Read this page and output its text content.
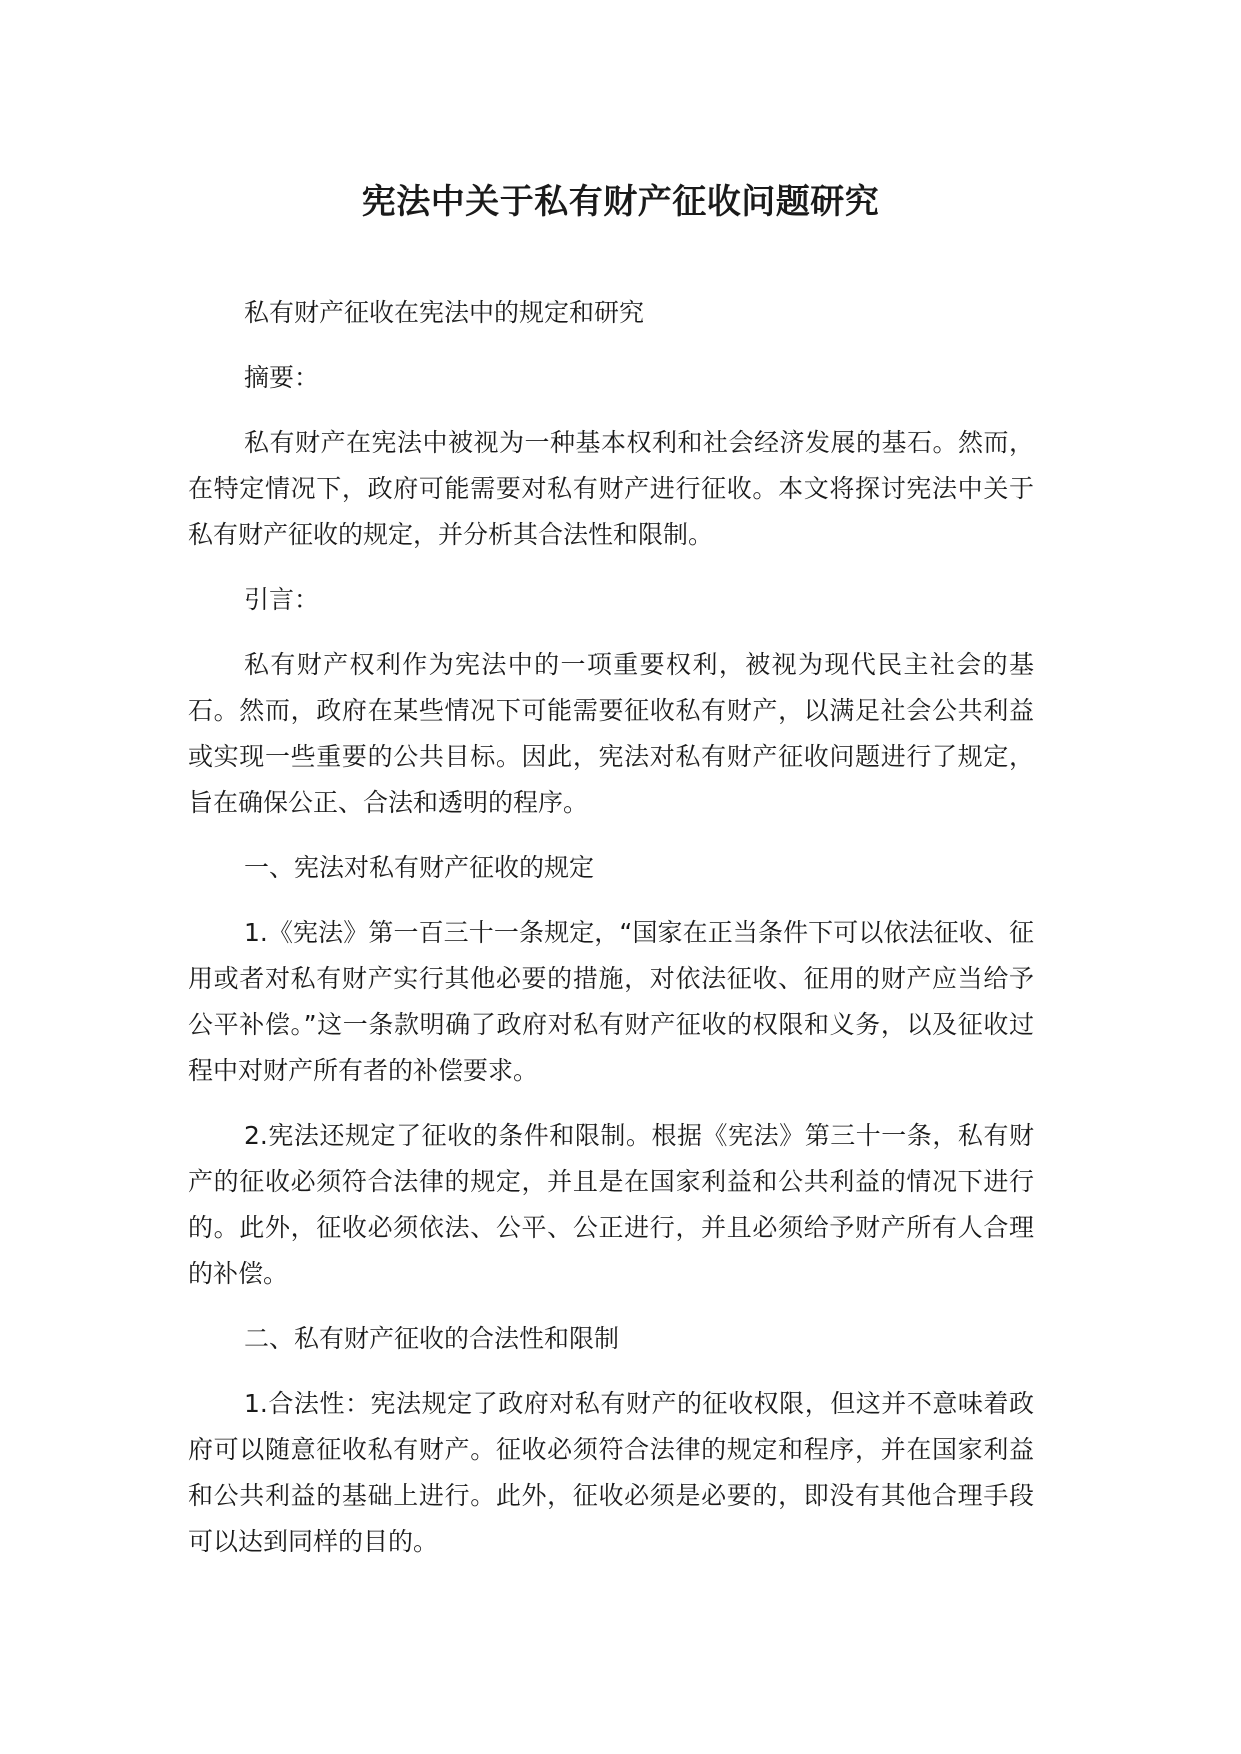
宪法中关于私有财产征收问题研究

私有财产征收在宪法中的规定和研究

摘要：

私有财产在宪法中被视为一种基本权利和社会经济发展的基石。然而，在特定情况下，政府可能需要对私有财产进行征收。本文将探讨宪法中关于私有财产征收的规定，并分析其合法性和限制。

引言：

私有财产权利作为宪法中的一项重要权利，被视为现代民主社会的基石。然而，政府在某些情况下可能需要征收私有财产，以满足社会公共利益或实现一些重要的公共目标。因此，宪法对私有财产征收问题进行了规定，旨在确保公正、合法和透明的程序。

一、宪法对私有财产征收的规定

1.《宪法》第一百三十一条规定，“国家在正当条件下可以依法征收、征用或者对私有财产实行其他必要的措施，对依法征收、征用的财产应当给予公平补偿。”这一条款明确了政府对私有财产征收的权限和义务，以及征收过程中对财产所有者的补偿要求。

2.宪法还规定了征收的条件和限制。根据《宪法》第三十一条，私有财产的征收必须符合法律的规定，并且是在国家利益和公共利益的情况下进行的。此外，征收必须依法、公平、公正进行，并且必须给予财产所有人合理的补偿。

二、私有财产征收的合法性和限制

1.合法性：宪法规定了政府对私有财产的征收权限，但这并不意味着政府可以随意征收私有财产。征收必须符合法律的规定和程序，并在国家利益和公共利益的基础上进行。此外，征收必须是必要的，即没有其他合理手段可以达到同样的目的。
